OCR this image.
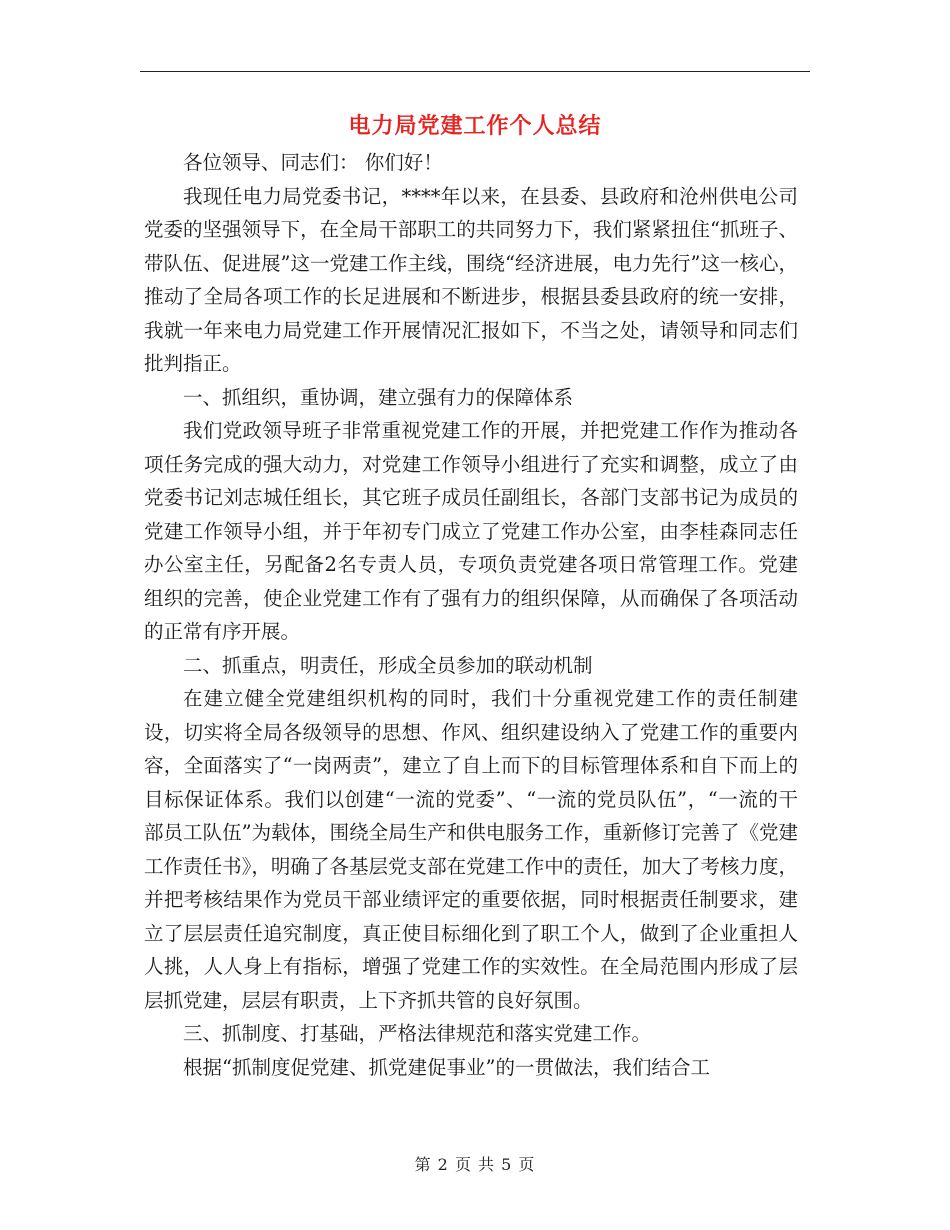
电力局党建工作个人总结

各位领导、同志们： 你们好！

我现任电力局党委书记，****年以来，在县委、县政府和沧州供电公司党委的坚强领导下，在全局干部职工的共同努力下，我们紧紧扭住“抓班子、带队伍、促进展”这一党建工作主线，围绕“经济进展，电力先行”这一核心，推动了全局各项工作的长足进展和不断进步，根据县委县政府的统一安排，我就一年来电力局党建工作开展情况汇报如下，不当之处，请领导和同志们批判指正。

一、抓组织，重协调，建立强有力的保障体系

我们党政领导班子非常重视党建工作的开展，并把党建工作作为推动各项任务完成的强大动力，对党建工作领导小组进行了充实和调整，成立了由党委书记刘志城任组长，其它班子成员任副组长，各部门支部书记为成员的党建工作领导小组，并于年初专门成立了党建工作办公室，由李桂森同志任办公室主任，另配备2名专责人员，专项负责党建各项日常管理工作。党建组织的完善，使企业党建工作有了强有力的组织保障，从而确保了各项活动的正常有序开展。

二、抓重点，明责任，形成全员参加的联动机制

在建立健全党建组织机构的同时，我们十分重视党建工作的责任制建设，切实将全局各级领导的思想、作风、组织建设纳入了党建工作的重要内容，全面落实了“一岗两责”，建立了自上而下的目标管理体系和自下而上的目标保证体系。我们以创建“一流的党委”、“一流的党员队伍”，“一流的干部员工队伍”为载体，围绕全局生产和供电服务工作，重新修订完善了《党建工作责任书》，明确了各基层党支部在党建工作中的责任，加大了考核力度，并把考核结果作为党员干部业绩评定的重要依据，同时根据责任制要求，建立了层层责任追究制度，真正使目标细化到了职工个人，做到了企业重担人人挑，人人身上有指标，增强了党建工作的实效性。在全局范围内形成了层层抓党建，层层有职责，上下齐抓共管的良好氛围。

三、抓制度、打基础，严格法律规范和落实党建工作。

根据“抓制度促党建、抓党建促事业”的一贯做法，我们结合工

第 2 页 共 5 页
